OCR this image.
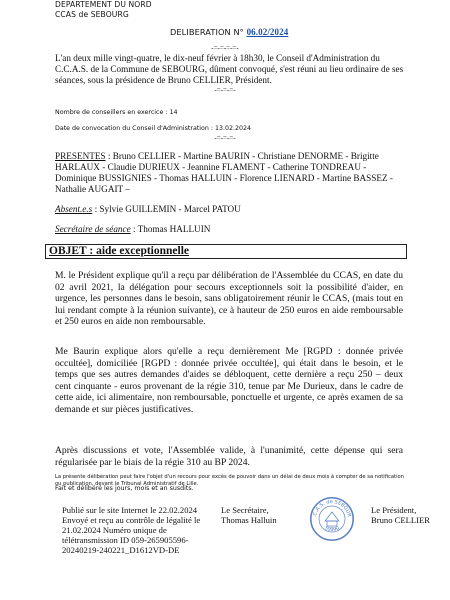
DEPARTEMENT DU NORD
CCAS de SEBOURG
DELIBERATION N° 06.02/2024
-=-=-=-=-
L'an deux mille vingt-quatre, le dix-neuf février à 18h30, le Conseil d'Administration du C.C.A.S. de la Commune de SEBOURG, dûment convoqué, s'est réuni au lieu ordinaire de ses séances, sous la présidence de Bruno CELLIER, Président.
-=-=-=-
Nombre de conseillers en exercice : 14
Date de convocation du Conseil d'Administration : 13.02.2024
-=-=-=-
PRESENTES : Bruno CELLIER - Martine BAURIN - Christiane DENORME - Brigitte HARLAUX - Claudie DURIEUX - Jeannine FLAMENT - Catherine TONDREAU - Dominique BUSSIGNIES - Thomas HALLUIN - Florence LIENARD - Martine BASSEZ - Nathalie AUGAIT –
Absent.e.s : Sylvie GUILLEMIN - Marcel PATOU
Secrétaire de séance : Thomas HALLUIN
OBJET : aide exceptionnelle
M. le Président explique qu'il a reçu par délibération de l'Assemblée du CCAS, en date du 02 avril 2021, la délégation pour secours exceptionnels soit la possibilité d'aider, en urgence, les personnes dans le besoin, sans obligatoirement réunir le CCAS, (mais tout en lui rendant compte à la réunion suivante), ce à hauteur de 250 euros en aide remboursable et 250 euros en aide non remboursable.
Me Baurin explique alors qu'elle a reçu dernièrement Me [RGPD : donnée privée occultée], domiciliée [RGPD : donnée privée occultée], qui était dans le besoin, et le temps que ses autres demandes d'aides se débloquent, cette dernière a reçu 250 – deux cent cinquante - euros provenant de la régie 310, tenue par Me Durieux, dans le cadre de cette aide, ici alimentaire, non remboursable, ponctuelle et urgente, ce après examen de sa demande et sur pièces justificatives.
Après discussions et vote, l'Assemblée valide, à l'unanimité, cette dépense qui sera régularisée par le biais de la régie 310 au BP 2024.
La présente délibération peut faire l'objet d'un recours pour excès de pouvoir dans un délai de deux mois à compter de sa notification ou publication, devant le Tribunal Administratif de Lille.
Fait et délibéré les jours, mois et an susdits.
Publié sur le site Internet le 22.02.2024 Envoyé et reçu au contrôle de légalité le 21.02.2024 Numéro unique de télétransmission ID 059-265905596-20240219-240221_D1612VD-DE
Le Secrétaire,
Thomas Halluin	.C.A.S. de SEBOUR
59990
Le Président,
Bruno CELLIER
